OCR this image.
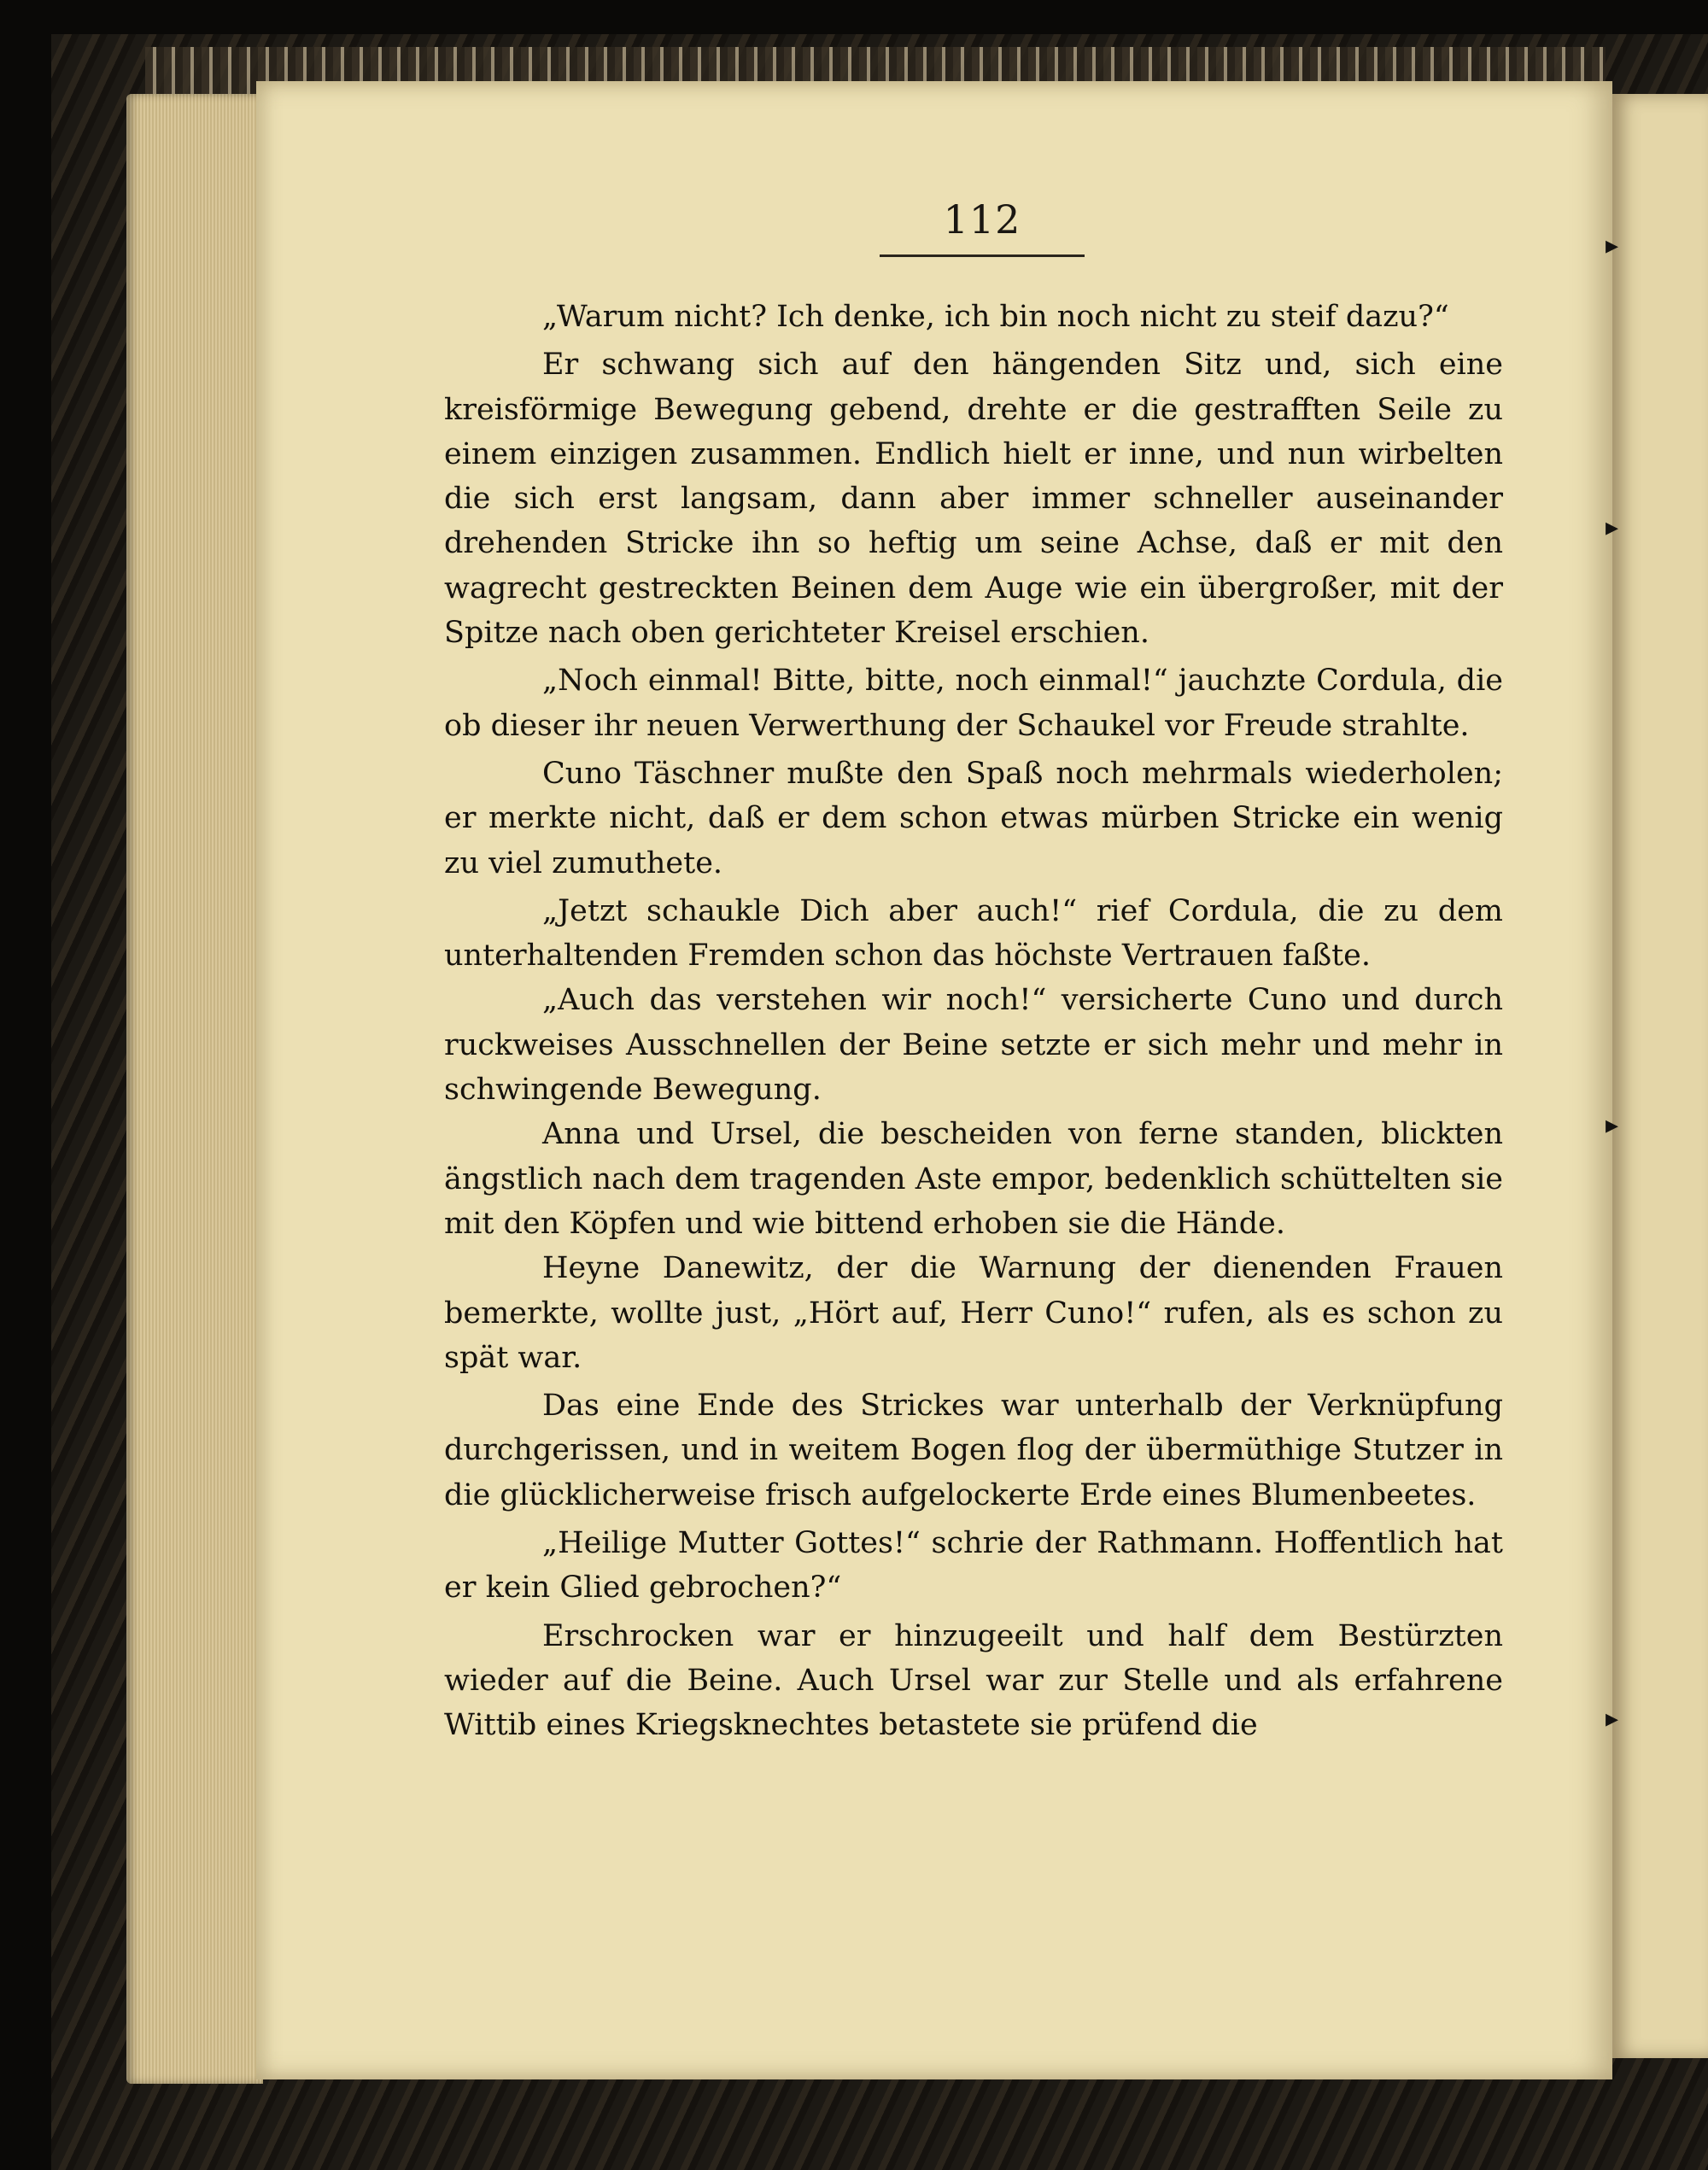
112

„Warum nicht? Ich denke, ich bin noch nicht zu steif dazu?“

Er schwang sich auf den hängenden Sitz und, sich eine kreisförmige Bewegung gebend, drehte er die gestrafften Seile zu einem einzigen zusammen. Endlich hielt er inne, und nun wirbelten die sich erst langsam, dann aber immer schneller auseinander drehenden Stricke ihn so heftig um seine Achse, daß er mit den wagrecht gestreckten Beinen dem Auge wie ein übergroßer, mit der Spitze nach oben gerichteter Kreisel erschien.

„Noch einmal! Bitte, bitte, noch einmal!“ jauchzte Cordula, die ob dieser ihr neuen Verwerthung der Schaukel vor Freude strahlte.

Cuno Täschner mußte den Spaß noch mehrmals wiederholen; er merkte nicht, daß er dem schon etwas mürben Stricke ein wenig zu viel zumuthete.

„Jetzt schaukle Dich aber auch!“ rief Cordula, die zu dem unterhaltenden Fremden schon das höchste Vertrauen faßte.

„Auch das verstehen wir noch!“ versicherte Cuno und durch ruckweises Ausschnellen der Beine setzte er sich mehr und mehr in schwingende Bewegung.

Anna und Ursel, die bescheiden von ferne standen, blickten ängstlich nach dem tragenden Aste empor, bedenklich schüttelten sie mit den Köpfen und wie bittend erhoben sie die Hände.

Heyne Danewitz, der die Warnung der dienenden Frauen bemerkte, wollte just, „Hört auf, Herr Cuno!“ rufen, als es schon zu spät war.

Das eine Ende des Strickes war unterhalb der Verknüpfung durchgerissen, und in weitem Bogen flog der übermüthige Stutzer in die glücklicherweise frisch aufgelockerte Erde eines Blumenbeetes.

„Heilige Mutter Gottes!“ schrie der Rathmann. Hoffentlich hat er kein Glied gebrochen?“

Erschrocken war er hinzugeeilt und half dem Bestürzten wieder auf die Beine. Auch Ursel war zur Stelle und als erfahrene Wittib eines Kriegsknechtes betastete sie prüfend die
